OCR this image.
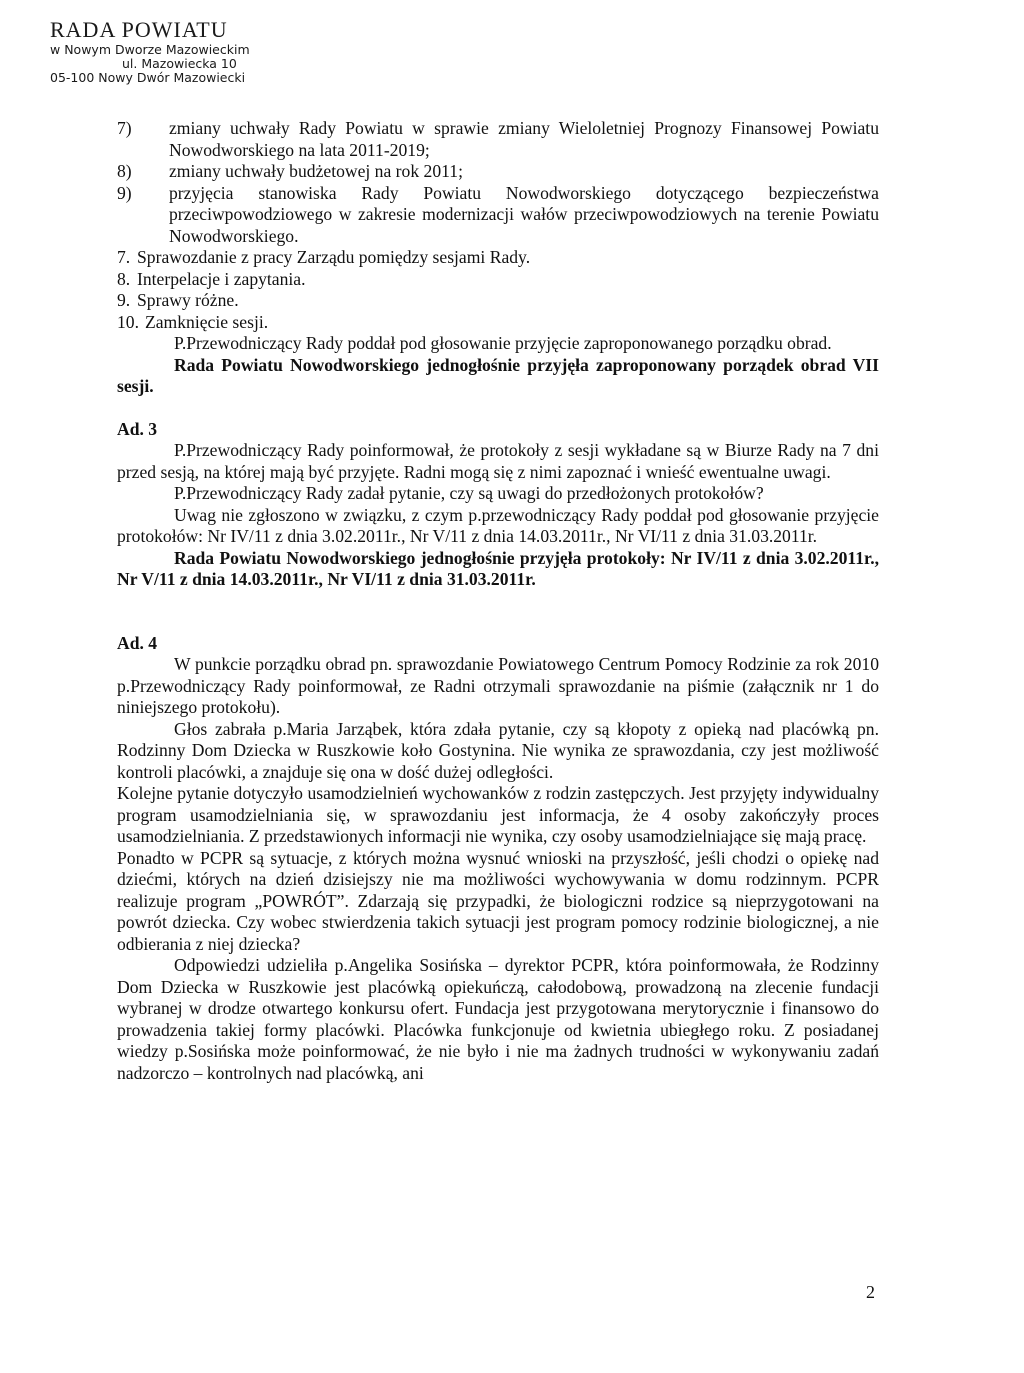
RADA POWIATU
w Nowym Dworze Mazowieckim
ul. Mazowiecka 10
05-100 Nowy Dwór Mazowiecki
7)	zmiany uchwały Rady Powiatu w sprawie zmiany Wieloletniej Prognozy Finansowej Powiatu Nowodworskiego na lata 2011-2019;
8)	zmiany uchwały budżetowej na rok 2011;
9)	przyjęcia stanowiska Rady Powiatu Nowodworskiego dotyczącego bezpieczeństwa przeciwpowodziowego w zakresie modernizacji wałów przeciwpowodziowych na terenie Powiatu Nowodworskiego.
7. Sprawozdanie z pracy Zarządu pomiędzy sesjami Rady.
8. Interpelacje i zapytania.
9. Sprawy różne.
10. Zamknięcie sesji.

P.Przewodniczący Rady poddał pod głosowanie przyjęcie zaproponowanego porządku obrad.

Rada Powiatu Nowodworskiego jednogłośnie przyjęła zaproponowany porządek obrad VII sesji.

Ad. 3

P.Przewodniczący Rady poinformował, że protokoły z sesji wykładane są w Biurze Rady na 7 dni przed sesją, na której mają być przyjęte. Radni mogą się z nimi zapoznać i wnieść ewentualne uwagi.

P.Przewodniczący Rady zadał pytanie, czy są uwagi do przedłożonych protokołów?

Uwag nie zgłoszono w związku, z czym p.przewodniczący Rady poddał pod głosowanie przyjęcie protokołów: Nr IV/11 z dnia 3.02.2011r., Nr V/11 z dnia 14.03.2011r., Nr VI/11 z dnia 31.03.2011r.

Rada Powiatu Nowodworskiego jednogłośnie przyjęła protokoły: Nr IV/11 z dnia 3.02.2011r., Nr V/11 z dnia 14.03.2011r., Nr VI/11 z dnia 31.03.2011r.

Ad. 4

W punkcie porządku obrad pn. sprawozdanie Powiatowego Centrum Pomocy Rodzinie za rok 2010 p.Przewodniczący Rady poinformował, ze Radni otrzymali sprawozdanie na piśmie (załącznik nr 1 do niniejszego protokołu).

Głos zabrała p.Maria Jarząbek, która zdała pytanie, czy są kłopoty z opieką nad placówką pn. Rodzinny Dom Dziecka w Ruszkowie koło Gostynina. Nie wynika ze sprawozdania, czy jest możliwość kontroli placówki, a znajduje się ona w dość dużej odległości.

Kolejne pytanie dotyczyło usamodzielnień wychowanków z rodzin zastępczych. Jest przyjęty indywidualny program usamodzielniania się, w sprawozdaniu jest informacja, że 4 osoby zakończyły proces usamodzielniania. Z przedstawionych informacji nie wynika, czy osoby usamodzielniające się mają pracę.

Ponadto w PCPR są sytuacje, z których można wysnuć wnioski na przyszłość, jeśli chodzi o opiekę nad dziećmi, których na dzień dzisiejszy nie ma możliwości wychowywania w domu rodzinnym. PCPR realizuje program „POWRÓT”. Zdarzają się przypadki, że biologiczni rodzice są nieprzygotowani na powrót dziecka. Czy wobec stwierdzenia takich sytuacji jest program pomocy rodzinie biologicznej, a nie odbierania z niej dziecka?

Odpowiedzi udzieliła p.Angelika Sosińska – dyrektor PCPR, która poinformowała, że Rodzinny Dom Dziecka w Ruszkowie jest placówką opiekuńczą, całodobową, prowadzoną na zlecenie fundacji wybranej w drodze otwartego konkursu ofert. Fundacja jest przygotowana merytorycznie i finansowo do prowadzenia takiej formy placówki. Placówka funkcjonuje od kwietnia ubiegłego roku. Z posiadanej wiedzy p.Sosińska może poinformować, że nie było i nie ma żadnych trudności w wykonywaniu zadań nadzorczo – kontrolnych nad placówką, ani

2
